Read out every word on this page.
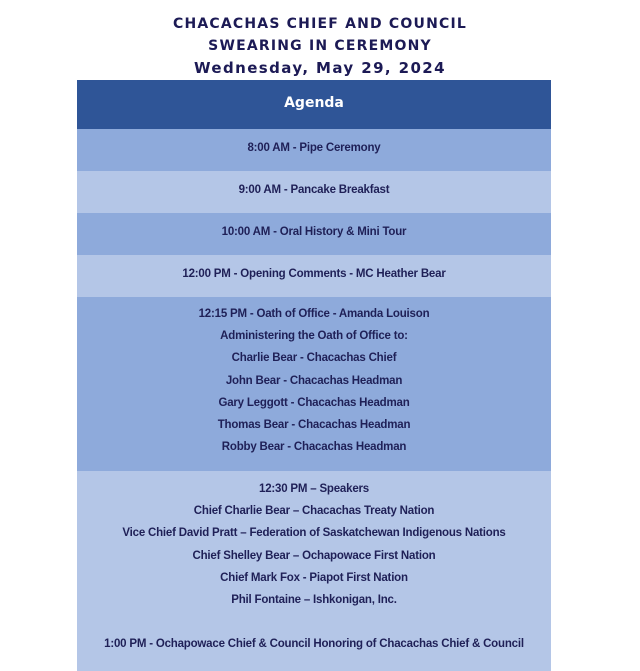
CHACACHAS CHIEF AND COUNCIL
SWEARING IN CEREMONY
Wednesday, May 29, 2024
Agenda
8:00 AM - Pipe Ceremony
9:00 AM - Pancake Breakfast
10:00 AM - Oral History & Mini Tour
12:00 PM - Opening Comments - MC Heather Bear
12:15 PM - Oath of Office - Amanda Louison
Administering the Oath of Office to:
Charlie Bear - Chacachas Chief
John Bear - Chacachas Headman
Gary Leggott - Chacachas Headman
Thomas Bear - Chacachas Headman
Robby Bear - Chacachas Headman
12:30 PM – Speakers
Chief Charlie Bear – Chacachas Treaty Nation
Vice Chief David Pratt – Federation of Saskatchewan Indigenous Nations
Chief Shelley Bear – Ochapowace First Nation
Chief Mark Fox - Piapot First Nation
Phil Fontaine – Ishkonigan, Inc.
1:00 PM - Ochapowace Chief & Council Honoring of Chacachas Chief & Council
